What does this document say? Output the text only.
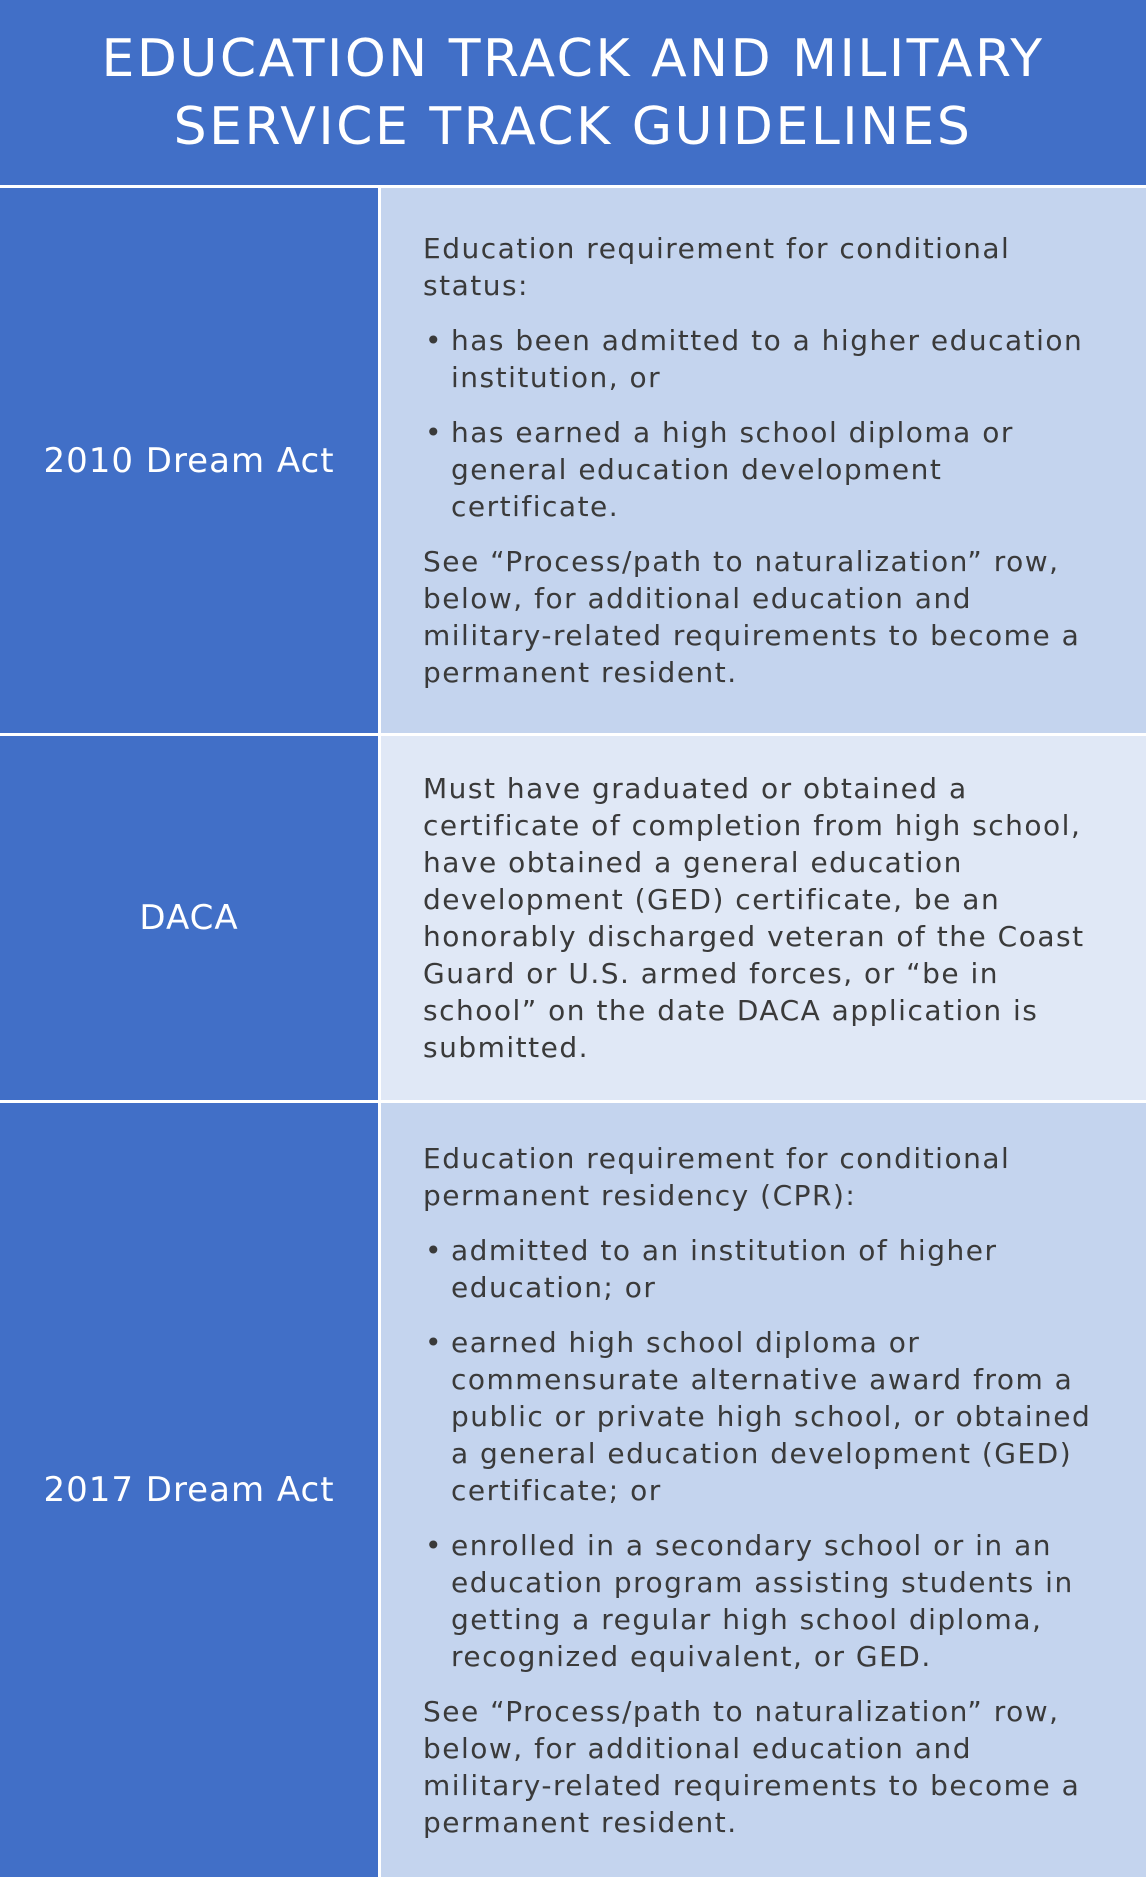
EDUCATION TRACK AND MILITARY SERVICE TRACK GUIDELINES
2010 Dream Act

Education requirement for conditional status:

• has been admitted to a higher education institution, or
• has earned a high school diploma or general education development certificate.

See “Process/path to naturalization” row, below, for additional education and military-related requirements to become a permanent resident.

DACA

Must have graduated or obtained a certificate of completion from high school, have obtained a general education development (GED) certificate, be an honorably discharged veteran of the Coast Guard or U.S. armed forces, or “be in school” on the date DACA application is submitted.

2017 Dream Act

Education requirement for conditional permanent residency (CPR):

• admitted to an institution of higher education; or
• earned high school diploma or commensurate alternative award from a public or private high school, or obtained a general education development (GED) certificate; or
• enrolled in a secondary school or in an education program assisting students in getting a regular high school diploma, recognized equivalent, or GED.

See “Process/path to naturalization” row, below, for additional education and military-related requirements to become a permanent resident.
